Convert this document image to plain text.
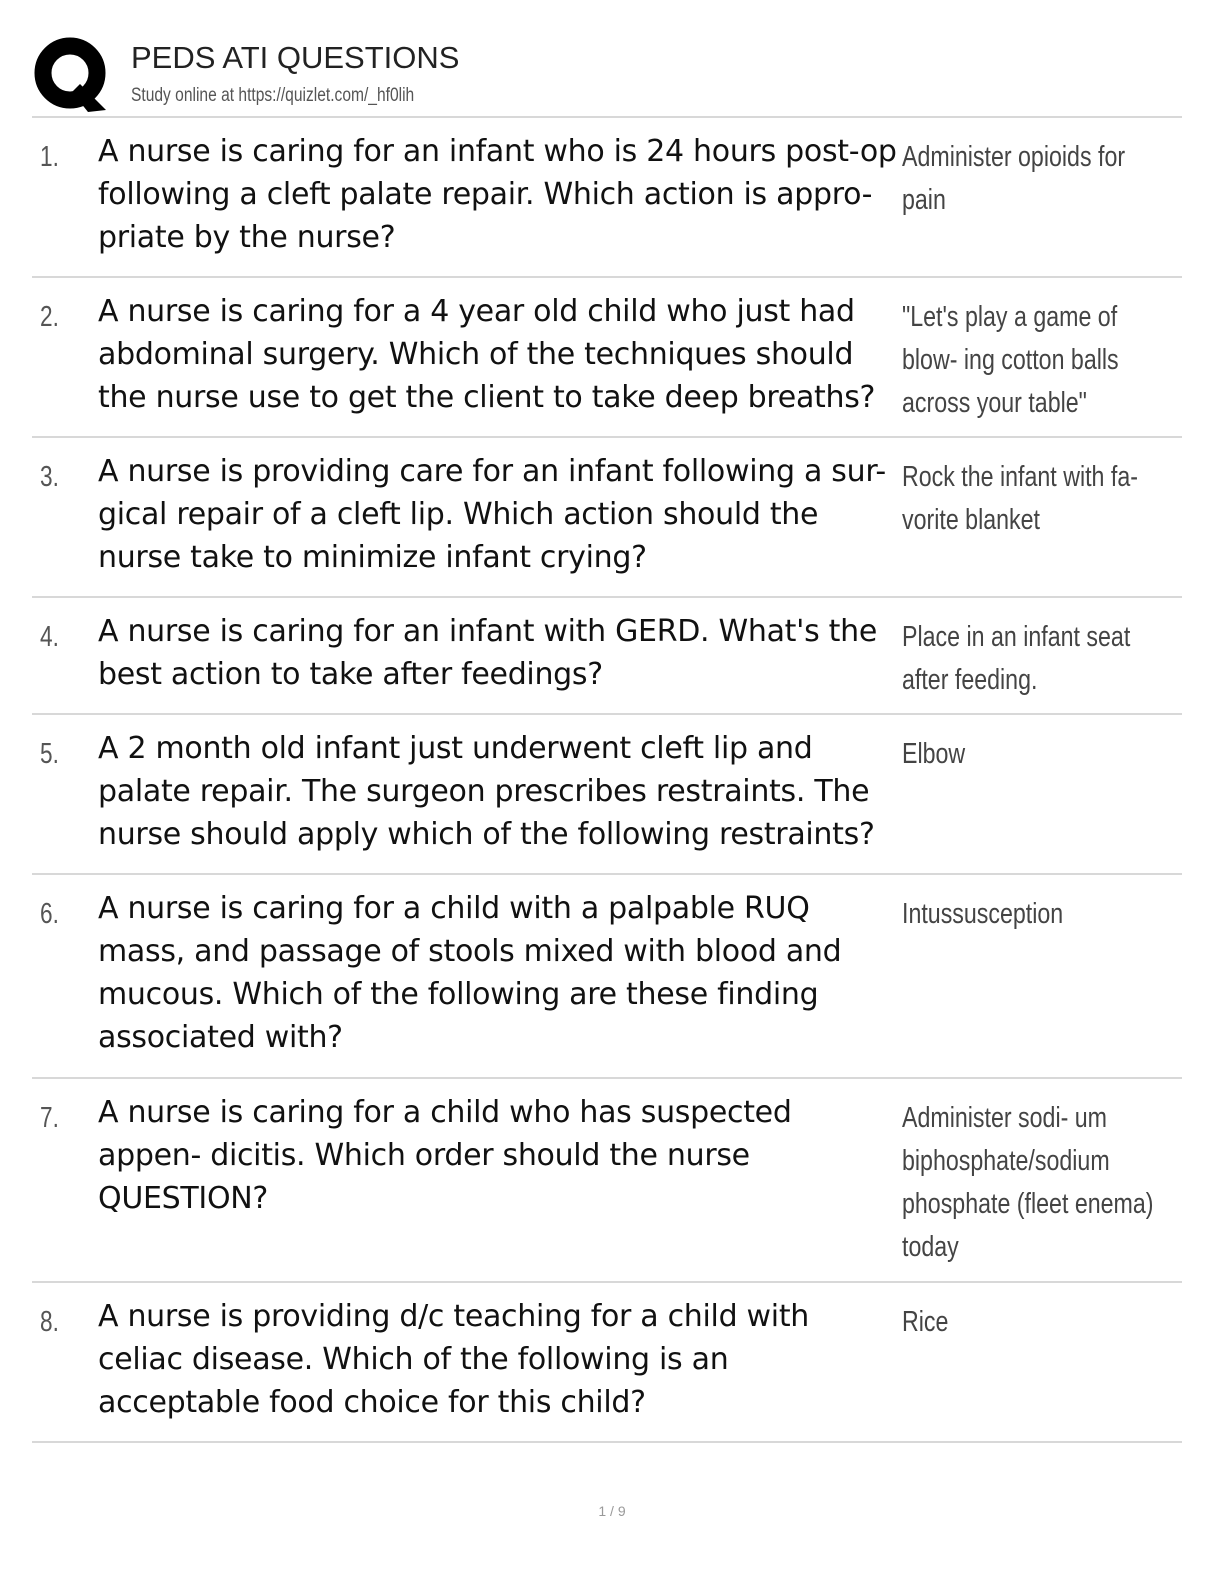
PEDS ATI QUESTIONS
Study online at https://quizlet.com/_hf0lih
1. A nurse is caring for an infant who is 24 hours post-op following a cleft palate repair. Which action is appro- priate by the nurse?
Administer opioids for pain
2. A nurse is caring for a 4 year old child who just had abdominal surgery. Which of the techniques should the nurse use to get the client to take deep breaths?
"Let's play a game of blow- ing cotton balls across your table"
3. A nurse is providing care for an infant following a sur- gical repair of a cleft lip. Which action should the nurse take to minimize infant crying?
Rock the infant with fa- vorite blanket
4. A nurse is caring for an infant with GERD. What's the best action to take after feedings?
Place in an infant seat after feeding.
5. A 2 month old infant just underwent cleft lip and palate repair. The surgeon prescribes restraints. The nurse should apply which of the following restraints?
Elbow
6. A nurse is caring for a child with a palpable RUQ mass, and passage of stools mixed with blood and mucous. Which of the following are these finding associated with?
Intussusception
7. A nurse is caring for a child who has suspected appen- dicitis. Which order should the nurse QUESTION?
Administer sodi- um biphosphate/sodium phosphate (fleet enema) today
8. A nurse is providing d/c teaching for a child with celiac disease. Which of the following is an acceptable food choice for this child?
Rice
1 / 9
